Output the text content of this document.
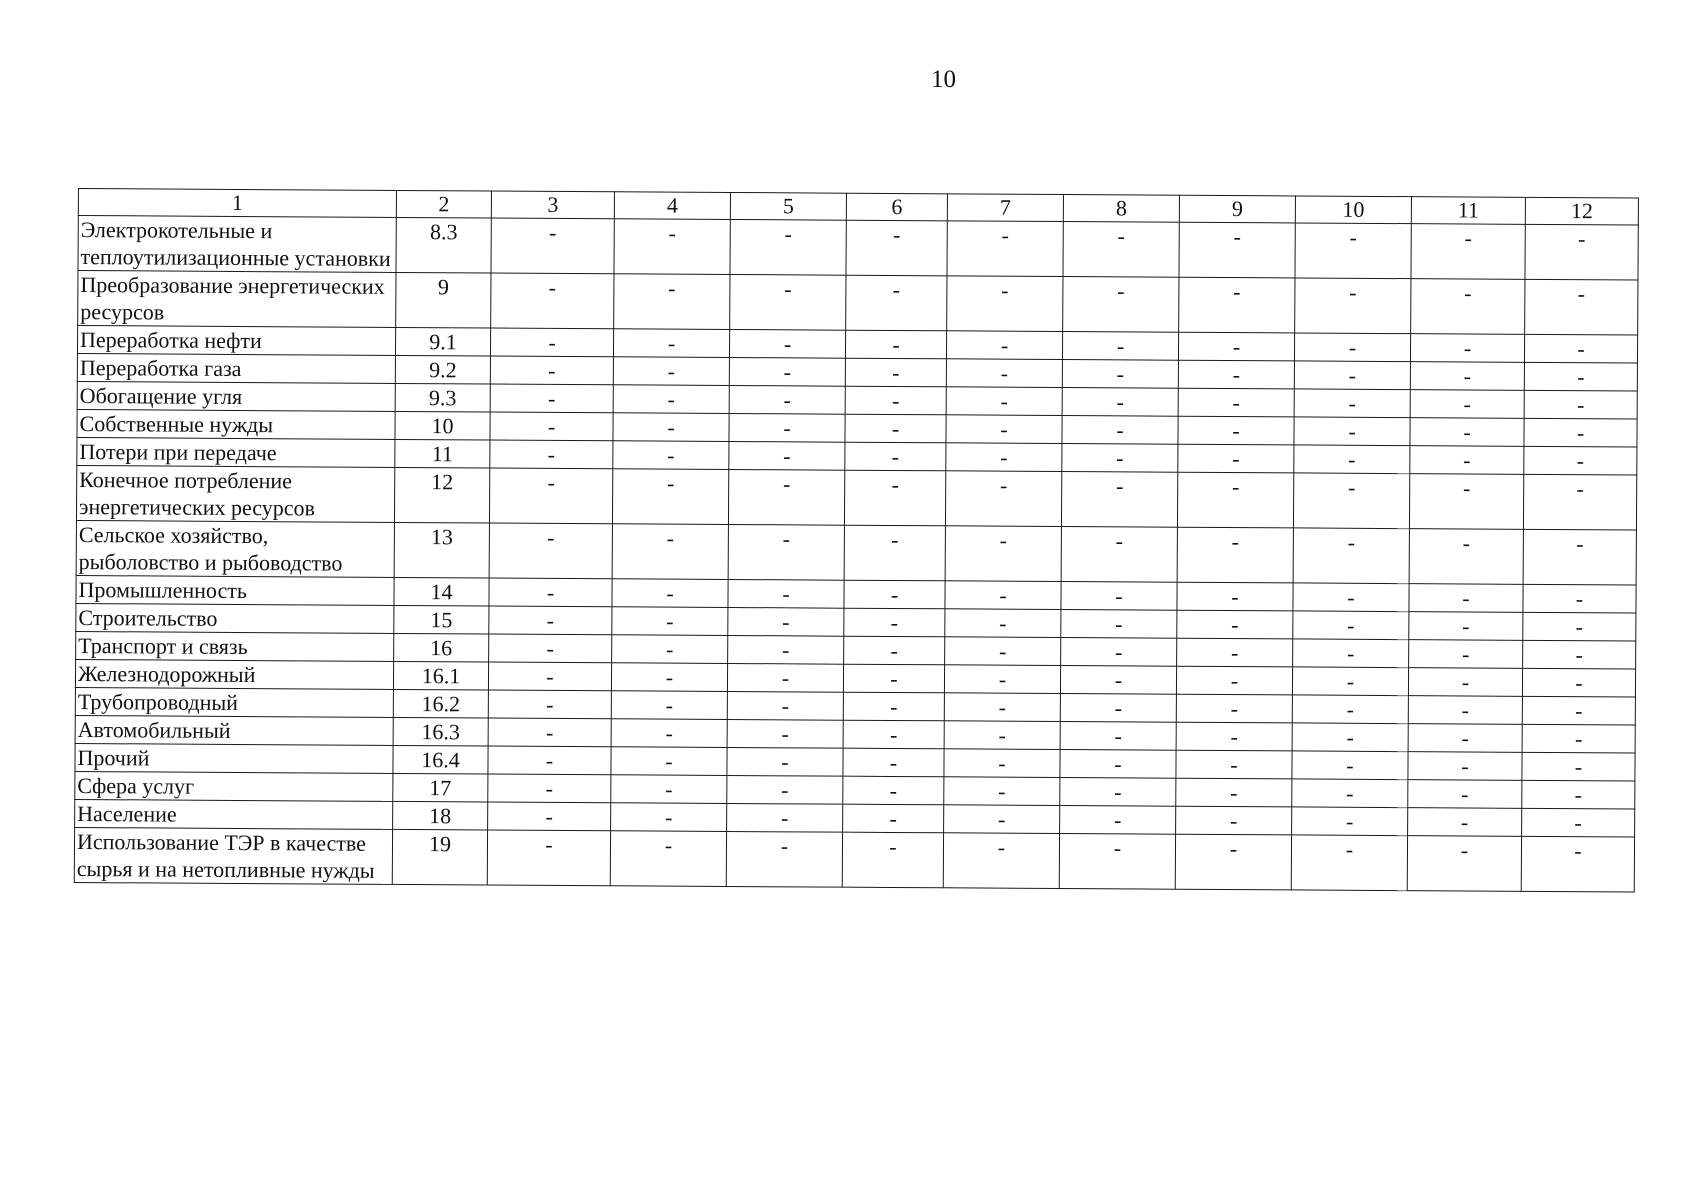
10
1	2	3	4	5	6	7	8	9	10	11	12
Электрокотельные и теплоутилизационные установки	8.3	-	-	-	-	-	-	-	-	-	-
Преобразование энергетических ресурсов	9	-	-	-	-	-	-	-	-	-	-
Переработка нефти	9.1	-	-	-	-	-	-	-	-	-	-
Переработка газа	9.2	-	-	-	-	-	-	-	-	-	-
Обогащение угля	9.3	-	-	-	-	-	-	-	-	-	-
Собственные нужды	10	-	-	-	-	-	-	-	-	-	-
Потери при передаче	11	-	-	-	-	-	-	-	-	-	-
Конечное потребление энергетических ресурсов	12	-	-	-	-	-	-	-	-	-	-
Сельское хозяйство, рыболовство и рыбоводство	13	-	-	-	-	-	-	-	-	-	-
Промышленность	14	-	-	-	-	-	-	-	-	-	-
Строительство	15	-	-	-	-	-	-	-	-	-	-
Транспорт и связь	16	-	-	-	-	-	-	-	-	-	-
Железнодорожный	16.1	-	-	-	-	-	-	-	-	-	-
Трубопроводный	16.2	-	-	-	-	-	-	-	-	-	-
Автомобильный	16.3	-	-	-	-	-	-	-	-	-	-
Прочий	16.4	-	-	-	-	-	-	-	-	-	-
Сфера услуг	17	-	-	-	-	-	-	-	-	-	-
Население	18	-	-	-	-	-	-	-	-	-	-
Использование ТЭР в качестве сырья и на нетопливные нужды	19	-	-	-	-	-	-	-	-	-	-
